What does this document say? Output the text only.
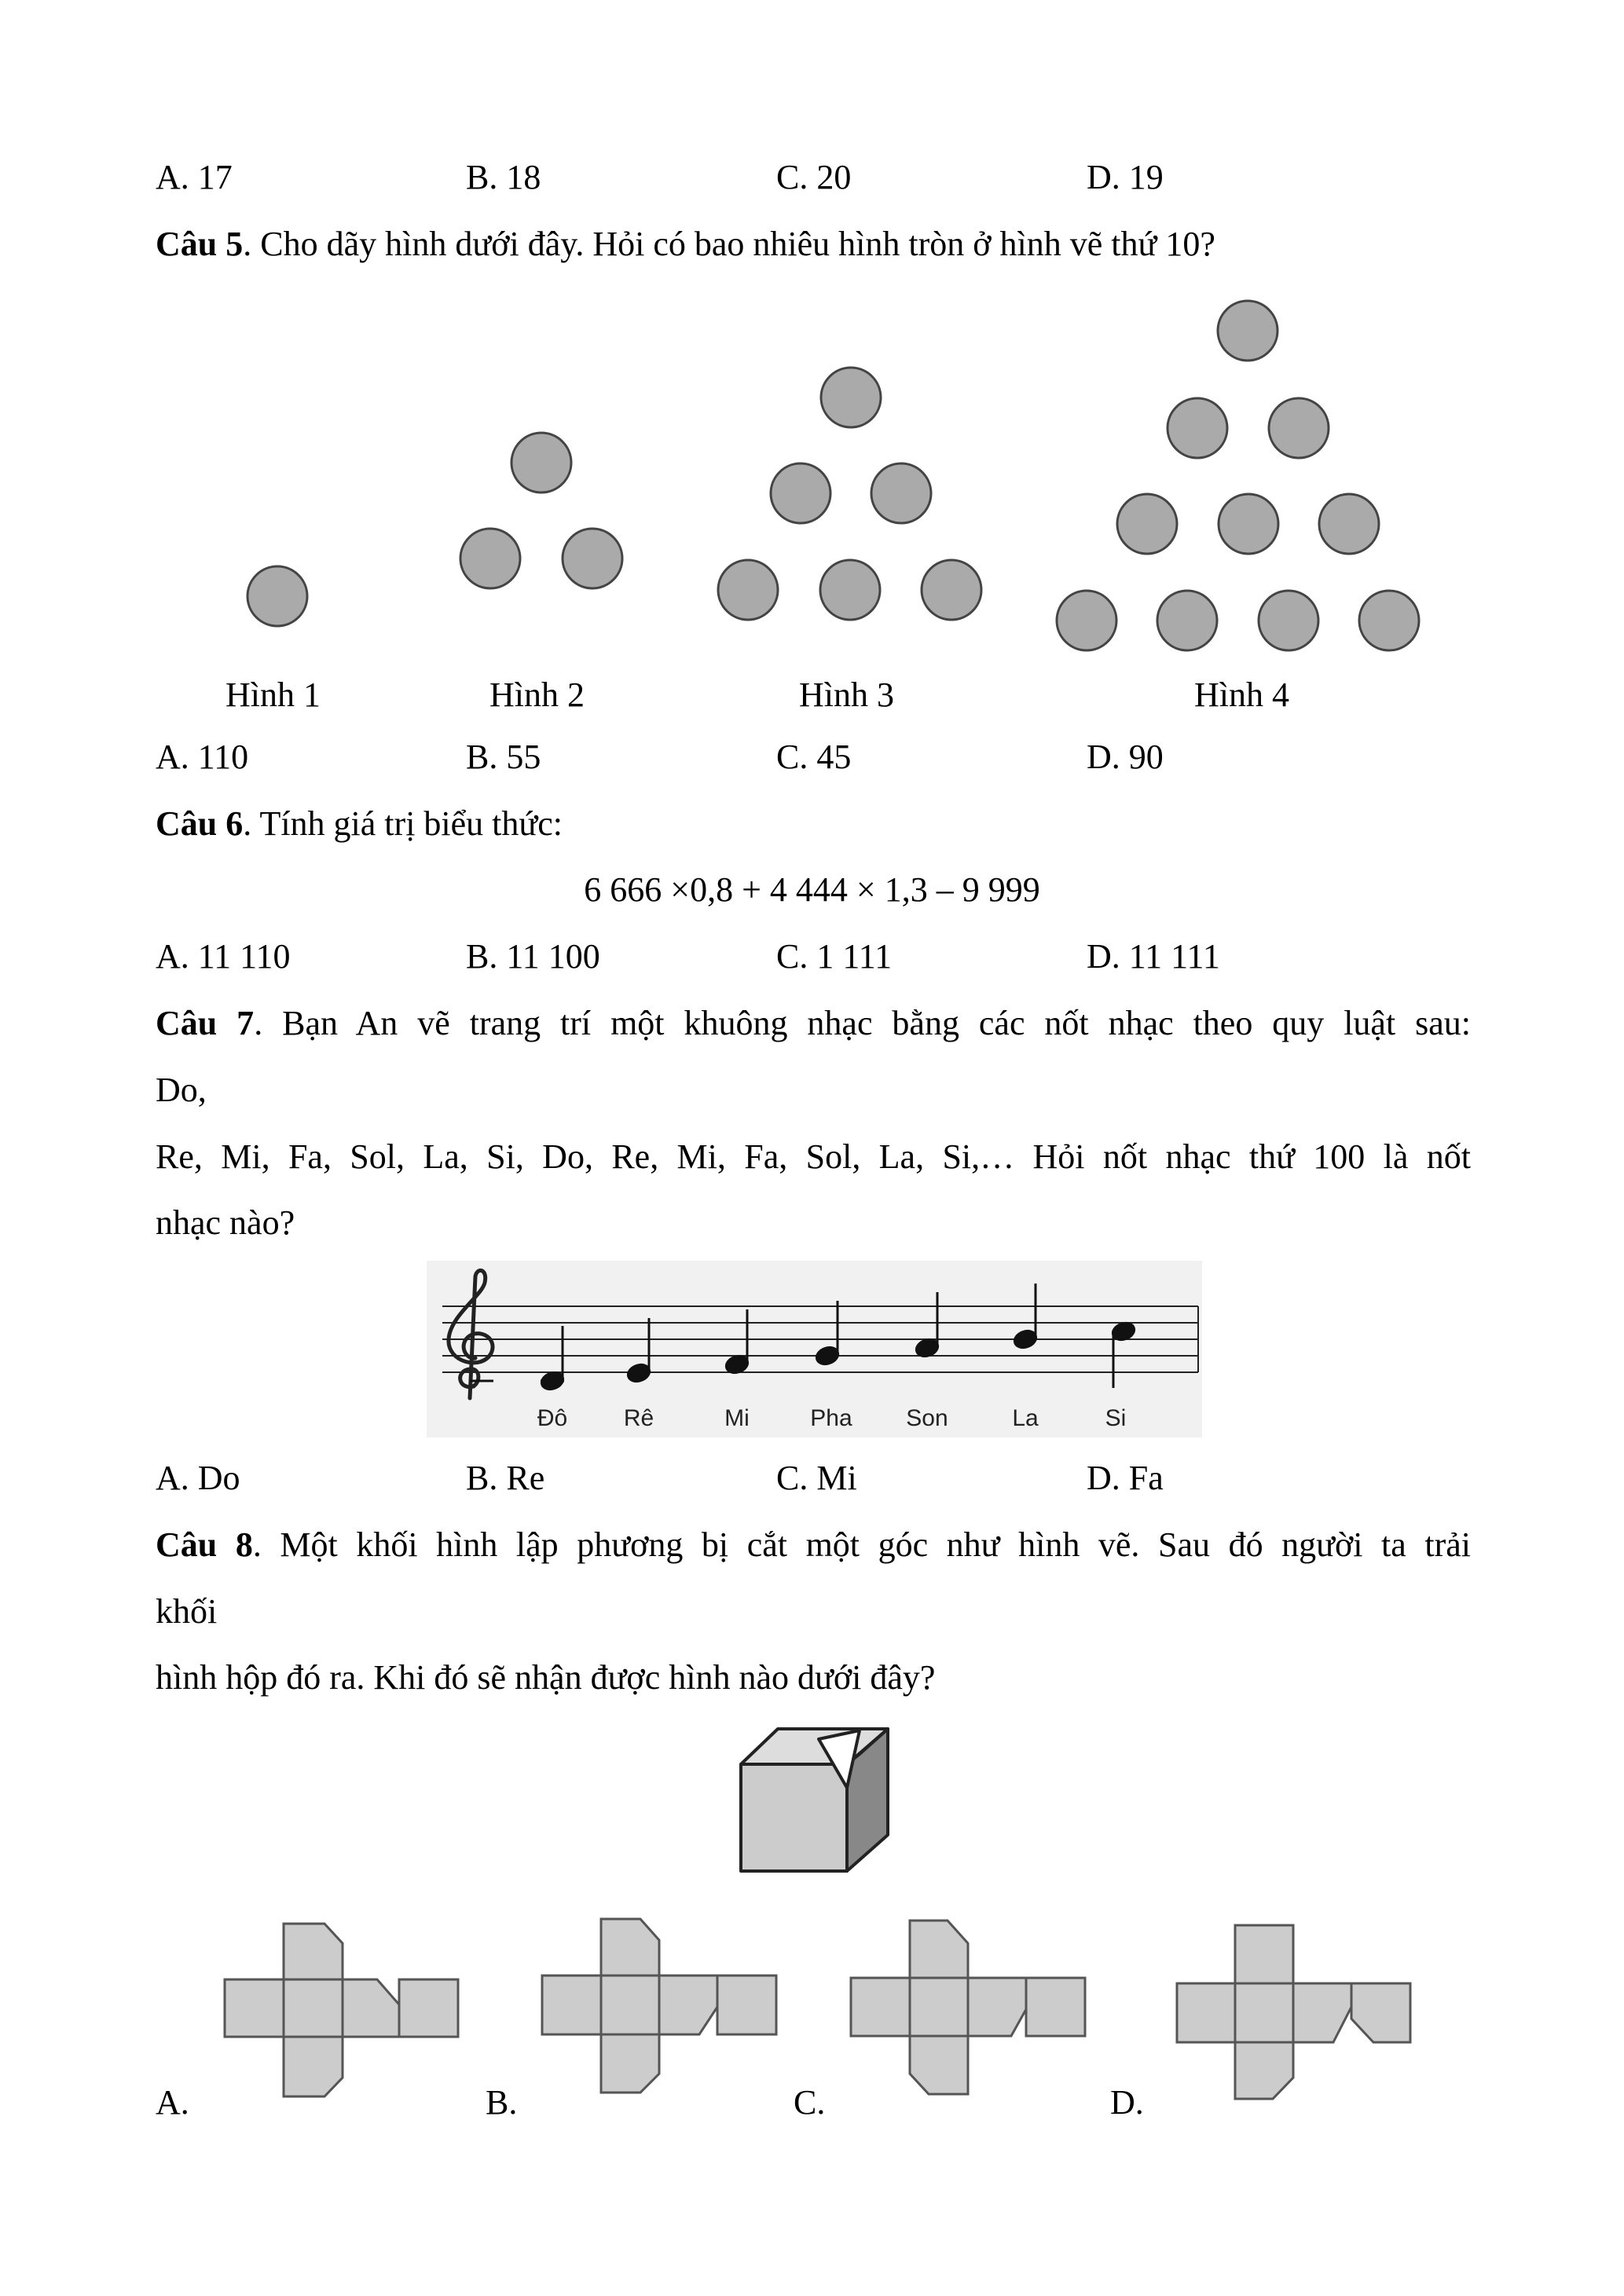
A. 17	B. 18	C. 20	D. 19
Câu 5. Cho dãy hình dưới đây. Hỏi có bao nhiêu hình tròn ở hình vẽ thứ 10?
Hình 1	Hình 2	Hình 3	Hình 4
A. 110	B. 55	C. 45	D. 90
Câu 6. Tính giá trị biểu thức:
6 666 ×0,8 + 4 444 × 1,3 – 9 999
A. 11 110	B. 11 100	C. 1 111	D. 11 111
Câu 7. Bạn An vẽ trang trí một khuông nhạc bằng các nốt nhạc theo quy luật sau:
Do,
Re, Mi, Fa, Sol, La, Si, Do, Re, Mi, Fa, Sol, La, Si,… Hỏi nốt nhạc thứ 100 là nốt
nhạc nào?
Đô Rê	Mi	Pha Son	La	Si
A. Do	B. Re	C. Mi	D. Fa
Câu 8. Một khối hình lập phương bị cắt một góc như hình vẽ. Sau đó người ta trải
khối
hình hộp đó ra. Khi đó sẽ nhận được hình nào dưới đây?
A.	B.	C.	D.
